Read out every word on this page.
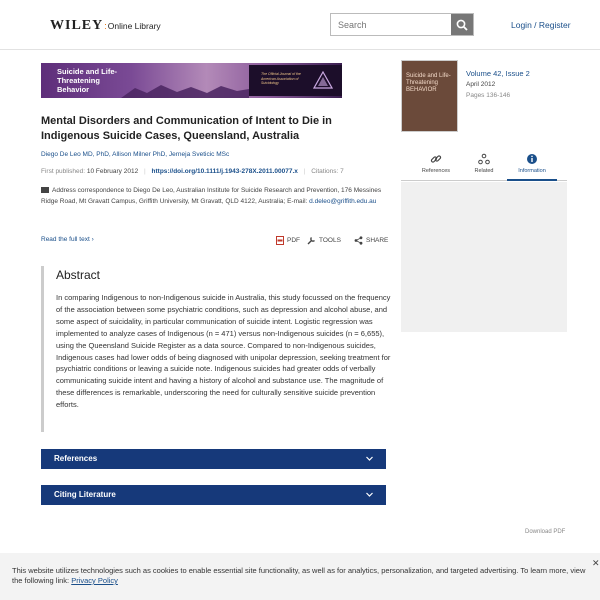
WILEY : Online Library
Search	Login / Register
Suicide and Life-Threatening Behavior
The Official Journal of the American Association of Suicidology
Mental Disorders and Communication of Intent to Die in Indigenous Suicide Cases, Queensland, Australia
Diego De Leo MD, PhD, Allison Milner PhD, Jerneja Sveticic MSc
First published: 10 February 2012 | https://doi.org/10.1111/j.1943-278X.2011.00077.x | Citations: 7
Address correspondence to Diego De Leo, Australian Institute for Suicide Research and Prevention, 176 Messines Ridge Road, Mt Gravatt Campus, Griffith University, Mt Gravatt, QLD 4122, Australia; E-mail: d.deleo@griffith.edu.au
Read the full text ›	PDF	TOOLS	SHARE
Abstract
In comparing Indigenous to non-Indigenous suicide in Australia, this study focussed on the frequency of the association between some psychiatric conditions, such as depression and alcohol abuse, and some aspect of suicidality, in particular communication of suicide intent. Logistic regression was implemented to analyze cases of Indigenous (n = 471) versus non-Indigenous suicides (n = 6,655), using the Queensland Suicide Register as a data source. Compared to non-Indigenous suicides, Indigenous cases had lower odds of being diagnosed with unipolar depression, seeking treatment for psychiatric conditions or leaving a suicide note. Indigenous suicides had greater odds of verbally communicating suicide intent and having a history of alcohol and substance use. The magnitude of these differences is remarkable, underscoring the need for culturally sensitive suicide prevention efforts.
References
Citing Literature
Suicide and Life-Threatening BEHAVIOR
Volume 42, Issue 2
April 2012
Pages 136-146
References	Related	Information
Download PDF
This website utilizes technologies such as cookies to enable essential site functionality, as well as for analytics, personalization, and targeted advertising. To learn more, view the following link: Privacy Policy
✕
